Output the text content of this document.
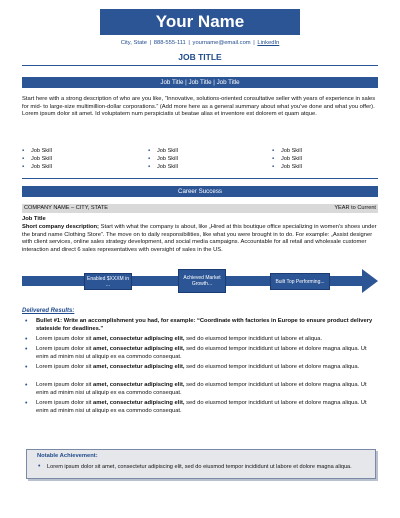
Your Name
City, State | 888-555-111 | yourname@email.com | LinkedIn
JOB TITLE
Job Title | Job Title | Job Title
Start here with a strong description of who are you like, “Innovative, solutions-oriented consultative seller with years of experience in sales for mid- to large-size multimillion-dollar corporations.” (Add more here as a general summary about what you’ve done and what you offer). Lorem ipsum dolor sit amet. Id voluptatem num perspiciatis ut beatae alias et inventore est dolorem et quam atque.
▪ Job Skill
▪ Job Skill
▪ Job Skill
▪ Job Skill
▪ Job Skill
▪ Job Skill
▪ Job Skill
▪ Job Skill
▪ Job Skill
Career Success
COMPANY NAME – CITY, STATE	YEAR to Current
Job Title
Short company description; Start with what the company is about, like „Hired at this boutique office specializing in women’s shoes under the brand name Clothing Store”. The move on to daily responsibilities, like what you were brought in to do. For example: „Assist designer with client services, online sales strategy development, and social media campaigns. Accountable for all retail and wholesale customer interaction and direct 6 sales representatives with oversight of sales in the US.
Enabled $XXXM in ...
Achieved Market Growth...	Built Top Performing...
Delivered Results:
• Bullet #1: Write an accomplishment you had, for example: “Coordinate with factories in Europe to ensure product delivery stateside for deadlines.”
• Lorem ipsum dolor sit amet, consectetur adipiscing elit, sed do eiusmod tempor incididunt ut labore et aliqua.
• Lorem ipsum dolor sit amet, consectetur adipiscing elit, sed do eiusmod tempor incididunt ut labore et dolore magna aliqua. Ut enim ad minim nisi ut aliquip ex ea commodo consequat.
• Lorem ipsum dolor sit amet, consectetur adipiscing elit, sed do eiusmod tempor incididunt ut labore et dolore magna aliqua.
• Lorem ipsum dolor sit amet, consectetur adipiscing elit, sed do eiusmod tempor incididunt ut labore et dolore magna aliqua. Ut enim ad minim nisi ut aliquip ex ea commodo consequat.
• Lorem ipsum dolor sit amet, consectetur adipiscing elit, sed do eiusmod tempor incididunt ut labore et dolore magna aliqua. Ut enim ad minim nisi ut aliquip ex ea commodo consequat.
Notable Achievement:
• Lorem ipsum dolor sit amet, consectetur adipiscing elit, sed do eiusmod tempor incididunt ut labore et dolore magna aliqua.
